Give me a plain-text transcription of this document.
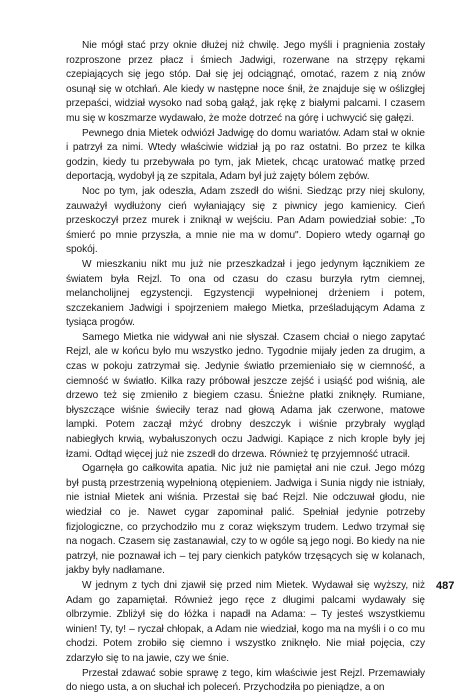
Nie mógł stać przy oknie dłużej niż chwilę. Jego myśli i pragnienia zostały rozproszone przez płacz i śmiech Jadwigi, rozerwane na strzępy rękami czepiających się jego stóp. Dał się jej odciągnąć, omotać, razem z nią znów osunął się w otchłań. Ale kiedy w następne noce śnił, że znajduje się w oślizgłej przepaści, widział wysoko nad sobą gałąź, jak rękę z białymi palcami. I czasem mu się w koszmarze wydawało, że może dotrzeć na górę i uchwycić się gałęzi.

Pewnego dnia Mietek odwiózł Jadwigę do domu wariatów. Adam stał w oknie i patrzył za nimi. Wtedy właściwie widział ją po raz ostatni. Bo przez te kilka godzin, kiedy tu przebywała po tym, jak Mietek, chcąc uratować matkę przed deportacją, wydobył ją ze szpitala, Adam był już zajęty bólem zębów.

Noc po tym, jak odeszła, Adam zszedł do wiśni. Siedząc przy niej skulony, zauważył wydłużony cień wyłaniający się z piwnicy jego kamienicy. Cień przeskoczył przez murek i zniknął w wejściu. Pan Adam powiedział sobie: „To śmierć po mnie przyszła, a mnie nie ma w domu". Dopiero wtedy ogarnął go spokój.

W mieszkaniu nikt mu już nie przeszkadzał i jego jedynym łącznikiem ze światem była Rejzl. To ona od czasu do czasu burzyła rytm ciemnej, melancholijnej egzystencji. Egzystencji wypełnionej drżeniem i potem, szczekaniem Jadwigi i spojrzeniem małego Mietka, prześladującym Adama z tysiąca progów.

Samego Mietka nie widywał ani nie słyszał. Czasem chciał o niego zapytać Rejzl, ale w końcu było mu wszystko jedno. Tygodnie mijały jeden za drugim, a czas w pokoju zatrzymał się. Jedynie światło przemieniało się w ciemność, a ciemność w światło. Kilka razy próbował jeszcze zejść i usiąść pod wiśnią, ale drzewo też się zmieniło z biegiem czasu. Śnieżne płatki zniknęły. Rumiane, błyszczące wiśnie świeciły teraz nad głową Adama jak czerwone, matowe lampki. Potem zaczął mżyć drobny deszczyk i wiśnie przybrały wygląd nabiegłych krwią, wybałuszonych oczu Jadwigi. Kapiące z nich krople były jej łzami. Odtąd więcej już nie zszedł do drzewa. Również tę przyjemność utracił.

Ogarnęła go całkowita apatia. Nic już nie pamiętał ani nie czuł. Jego mózg był pustą przestrzenią wypełnioną otępieniem. Jadwiga i Sunia nigdy nie istniały, nie istniał Mietek ani wiśnia. Przestał się bać Rejzl. Nie odczuwał głodu, nie wiedział co je. Nawet cygar zapominał palić. Spełniał jedynie potrzeby fizjologiczne, co przychodziło mu z coraz większym trudem. Ledwo trzymał się na nogach. Czasem się zastanawiał, czy to w ogóle są jego nogi. Bo kiedy na nie patrzył, nie poznawał ich – tej pary cienkich patyków trzęsących się w kolanach, jakby były nadłamane.

W jednym z tych dni zjawił się przed nim Mietek. Wydawał się wyższy, niż Adam go zapamiętał. Również jego ręce z długimi palcami wydawały się olbrzymie. Zbliżył się do łóżka i napadł na Adama: – Ty jesteś wszystkiemu winien! Ty, ty! – ryczał chłopak, a Adam nie wiedział, kogo ma na myśli i o co mu chodzi. Potem zrobiło się ciemno i wszystko zniknęło. Nie miał pojęcia, czy zdarzyło się to na jawie, czy we śnie.

Przestał zdawać sobie sprawę z tego, kim właściwie jest Rejzl. Przemawiały do niego usta, a on słuchał ich poleceń. Przychodziła po pieniądze, a on

487
